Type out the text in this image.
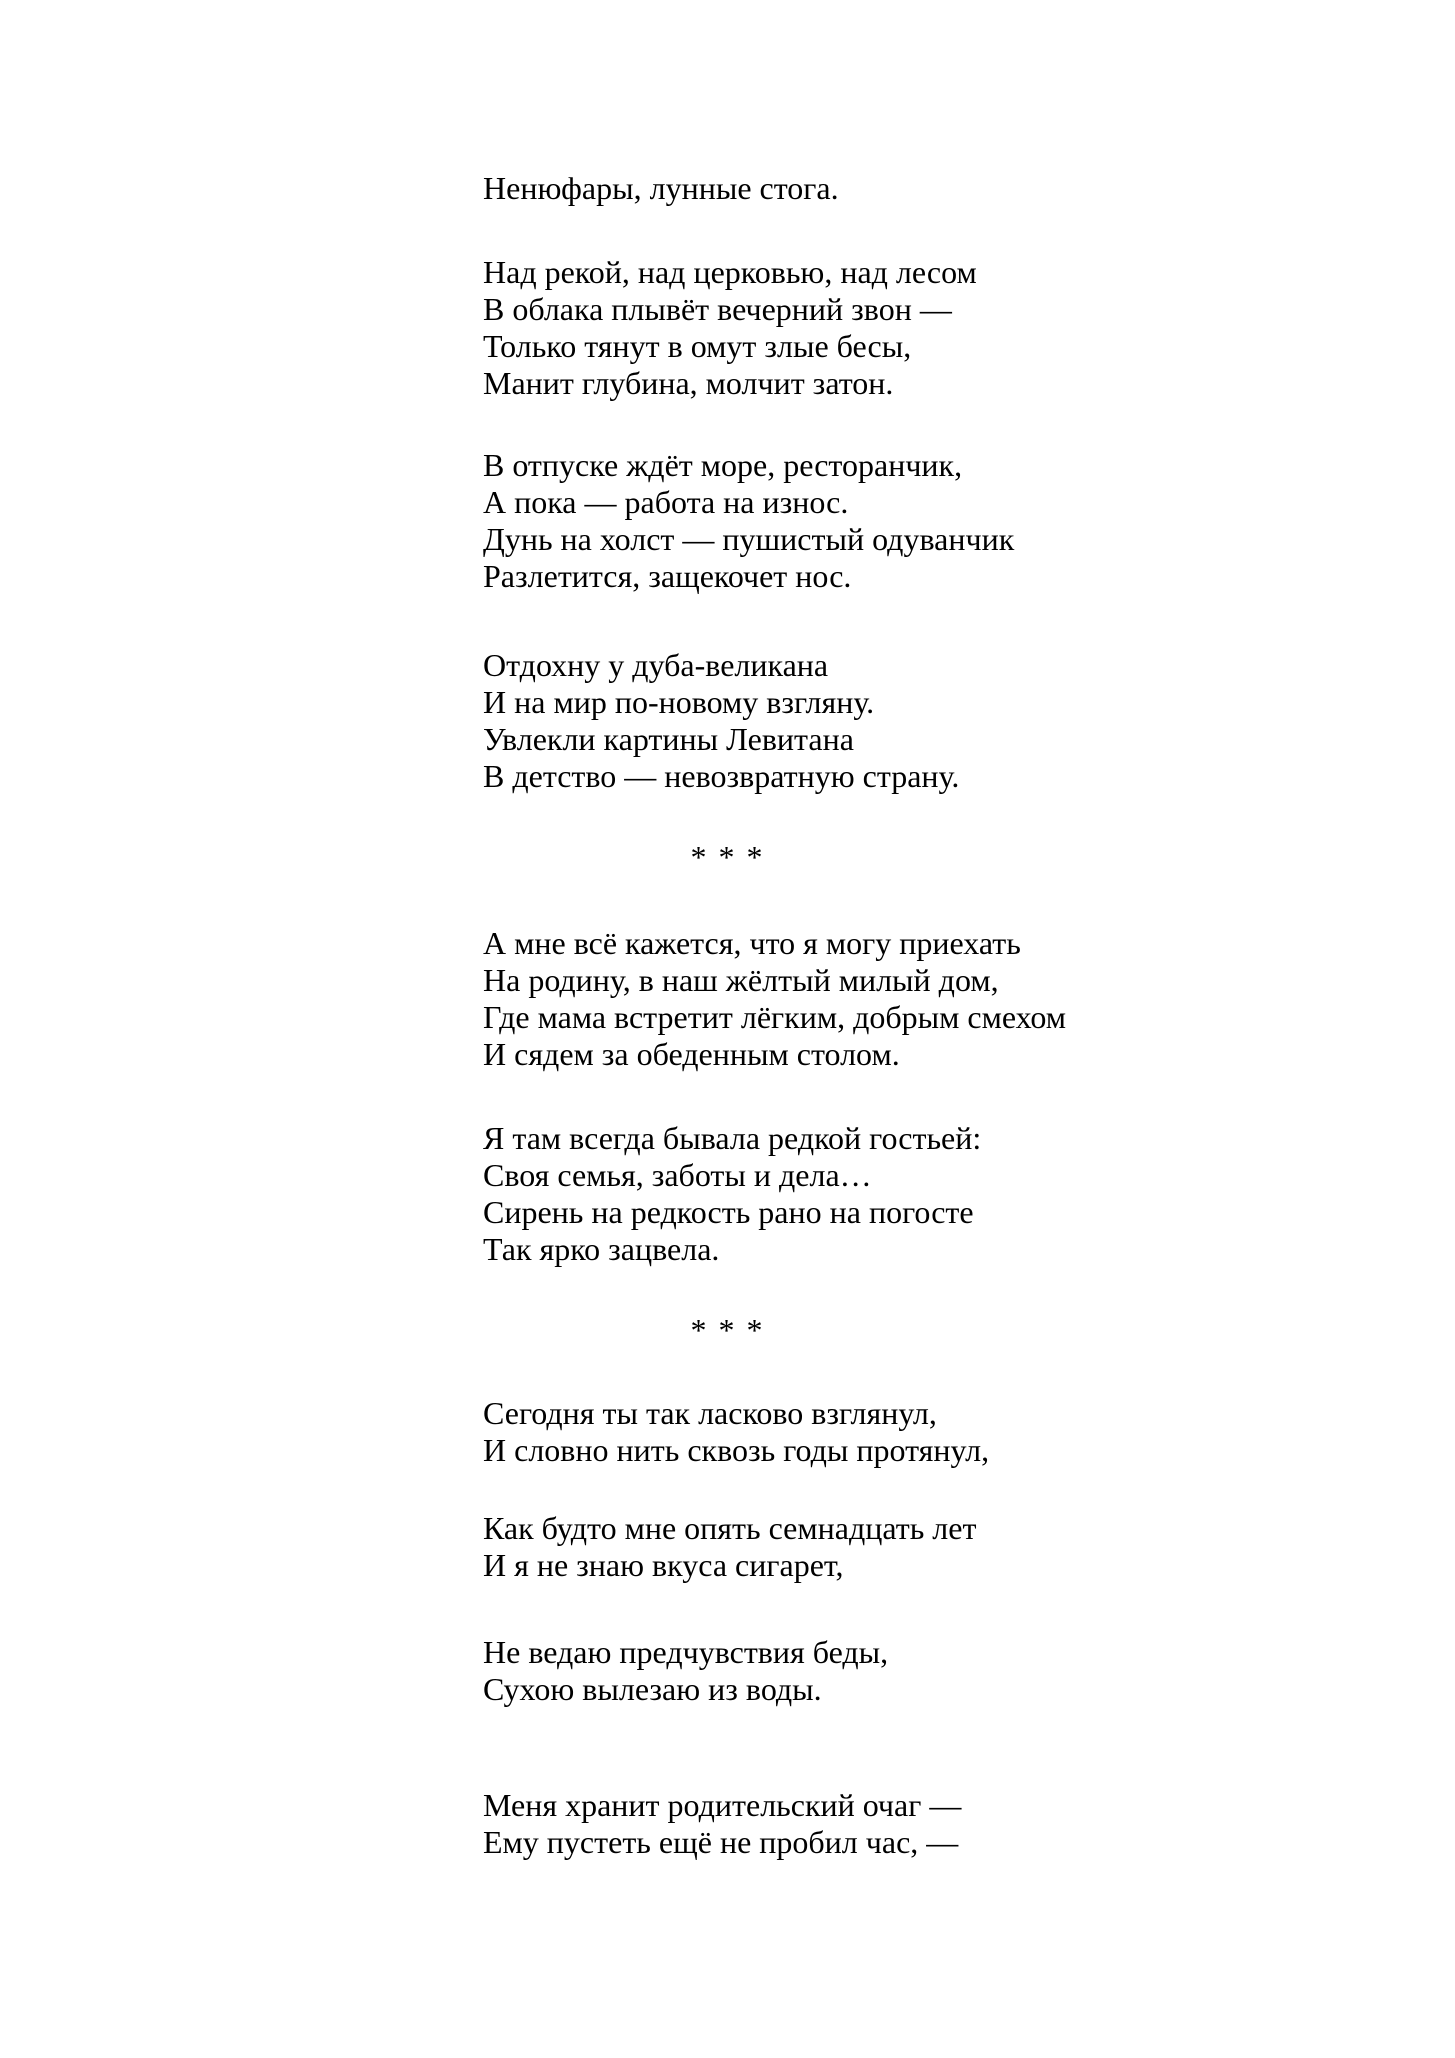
Ненюфары, лунные стога.
Над рекой, над церковью, над лесом
В облака плывёт вечерний звон —
Только тянут в омут злые бесы,
Манит глубина, молчит затон.
В отпуске ждёт море, ресторанчик,
А пока — работа на износ.
Дунь на холст — пушистый одуванчик
Разлетится, защекочет нос.
Отдохну у дуба-великана
И на мир по-новому взгляну.
Увлекли картины Левитана
В детство — невозвратную страну.
* * *
А мне всё кажется, что я могу приехать
На родину, в наш жёлтый милый дом,
Где мама встретит лёгким, добрым смехом
И сядем за обеденным столом.
Я там всегда бывала редкой гостьей:
Своя семья, заботы и дела…
Сирень на редкость рано на погосте
Так ярко зацвела.
* * *
Сегодня ты так ласково взглянул,
И словно нить сквозь годы протянул,
Как будто мне опять семнадцать лет
И я не знаю вкуса сигарет,
Не ведаю предчувствия беды,
Сухою вылезаю из воды.
Меня хранит родительский очаг —
Ему пустеть ещё не пробил час, —
